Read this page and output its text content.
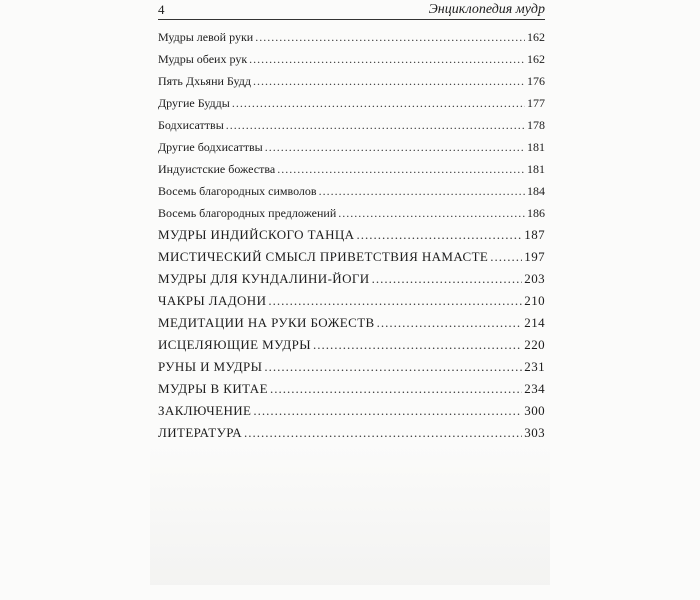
4	Энциклопедия мудр
Мудры левой руки .....	162
Мудры обеих рук .....	162
Пять Дхьяни Будд .....	176
Другие Будды .....	177
Бодхисаттвы .....	178
Другие бодхисаттвы .....	181
Индуистские божества .....	181
Восемь благородных символов .....	184
Восемь благородных предложений .....	186
МУДРЫ ИНДИЙСКОГО ТАНЦА .....	187
МИСТИЧЕСКИЙ СМЫСЛ ПРИВЕТСТВИЯ НАМАСТЕ .....	197
МУДРЫ ДЛЯ КУНДАЛИНИ-ЙОГИ .....	203
ЧАКРЫ ЛАДОНИ .....	210
МЕДИТАЦИИ НА РУКИ БОЖЕСТВ .....	214
ИСЦЕЛЯЮЩИЕ МУДРЫ .....	220
РУНЫ И МУДРЫ .....	231
МУДРЫ В КИТАЕ .....	234
ЗАКЛЮЧЕНИЕ .....	300
ЛИТЕРАТУРА .....	303
